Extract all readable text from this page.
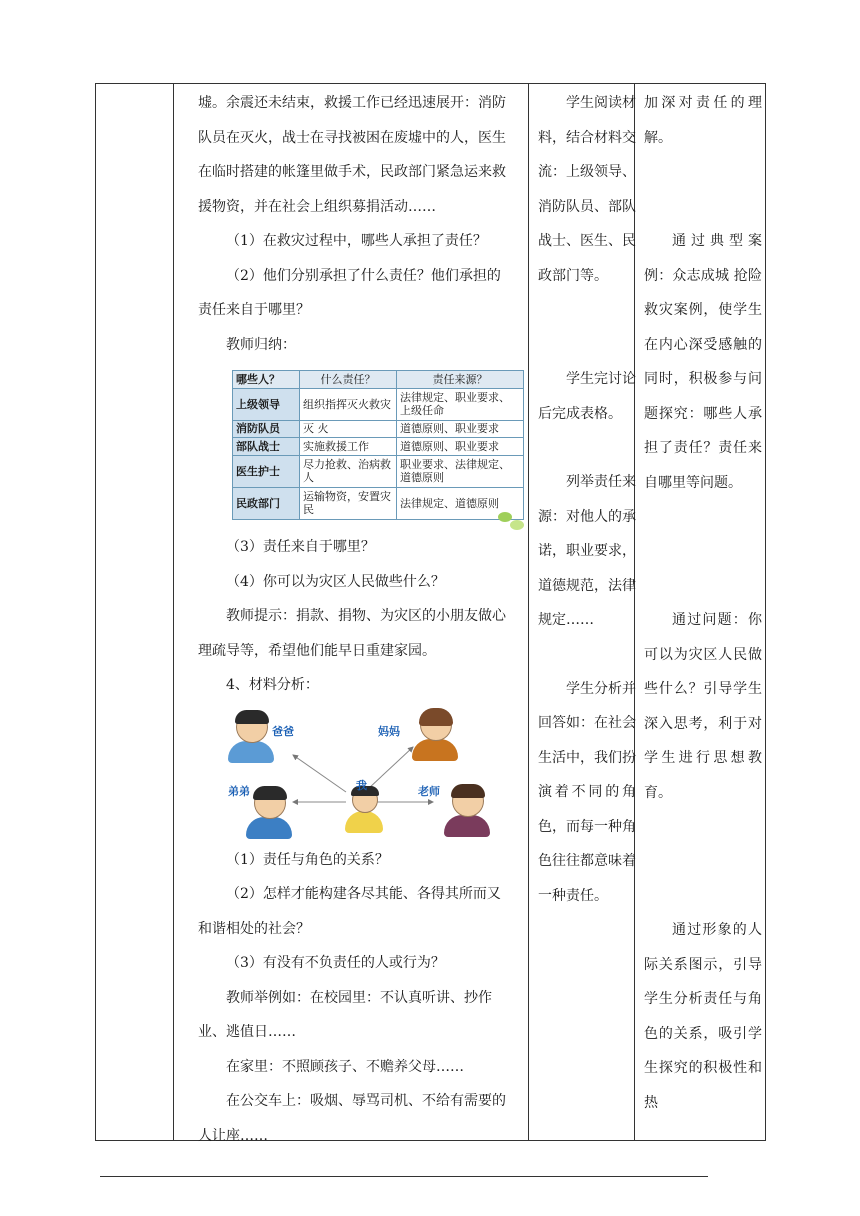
墟。余震还未结束，救援工作已经迅速展开：消防队员在灭火，战士在寻找被困在废墟中的人，医生在临时搭建的帐篷里做手术，民政部门紧急运来救援物资，并在社会上组织募捐活动……

（1）在救灾过程中，哪些人承担了责任？

（2）他们分别承担了什么责任？他们承担的责任来自于哪里？

教师归纳：

哪些人？	什么责任？	责任来源？
上级领导	组织指挥灭火救灾	法律规定、职业要求、上级任命
消防队员	灭 火	道德原则、职业要求
部队战士	实施救援工作	道德原则、职业要求
医生护士	尽力抢救、治病救人	职业要求、法律规定、道德原则
民政部门	运输物资，安置灾民	法律规定、道德原则

（3）责任来自于哪里？

（4）你可以为灾区人民做些什么？

教师提示：捐款、捐物、为灾区的小朋友做心理疏导等，希望他们能早日重建家园。

4、材料分析：

爸爸	妈妈
我
弟弟	老师

（1）责任与角色的关系？

（2）怎样才能构建各尽其能、各得其所而又和谐相处的社会？

（3）有没有不负责任的人或行为？

教师举例如：在校园里：不认真听讲、抄作业、逃值日……

在家里：不照顾孩子、不赡养父母……

在公交车上：吸烟、辱骂司机、不给有需要的人让座……

学生阅读材料，结合材料交流：上级领导、消防队员、部队战士、医生、民政部门等。

学生完讨论后完成表格。

列举责任来源：对他人的承诺，职业要求，道德规范，法律规定……

学生分析并回答如：在社会生活中，我们扮演着不同的角色，而每一种角色往往都意味着一种责任。

加深对责任的理解。

通过典型案例：众志成城 抢险救灾案例，使学生在内心深受感触的同时，积极参与问题探究：哪些人承担了责任？责任来自哪里等问题。

通过问题：你可以为灾区人民做些什么？引导学生深入思考，利于对学生进行思想教育。

通过形象的人际关系图示，引导学生分析责任与角色的关系，吸引学生探究的积极性和热
